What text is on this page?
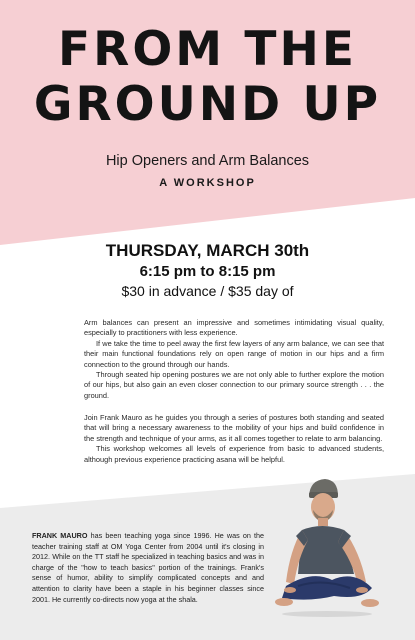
FROM THE
GROUND UP
Hip Openers and Arm Balances
A WORKSHOP
THURSDAY, MARCH 30th
6:15 pm to 8:15 pm
$30 in advance / $35 day of

Arm balances can present an impressive and sometimes intimidating visual quality, especially to practitioners with less experience.

If we take the time to peel away the first few layers of any arm balance, we can see that their main functional foundations rely on open range of motion in our hips and a firm connection to the ground through our hands.

Through seated hip opening postures we are not only able to further explore the motion of our hips, but also gain an even closer connection to our primary source strength . . . the ground.

Join Frank Mauro as he guides you through a series of postures both standing and seated that will bring a necessary awareness to the mobility of your hips and build confidence in the strength and technique of your arms, as it all comes together to relate to arm balancing.

This workshop welcomes all levels of experience from basic to advanced students, although previous experience practicing asana will be helpful.

FRANK MAURO has been teaching yoga since 1996. He was on the teacher training staff at OM Yoga Center from 2004 until it's closing in 2012. While on the TT staff he specialized in teaching basics and was in charge of the "how to teach basics" portion of the trainings. Frank's sense of humor, ability to simplify complicated concepts and and attention to clarity have been a staple in his beginner classes since 2001. He currently co-directs now yoga at the shala.
